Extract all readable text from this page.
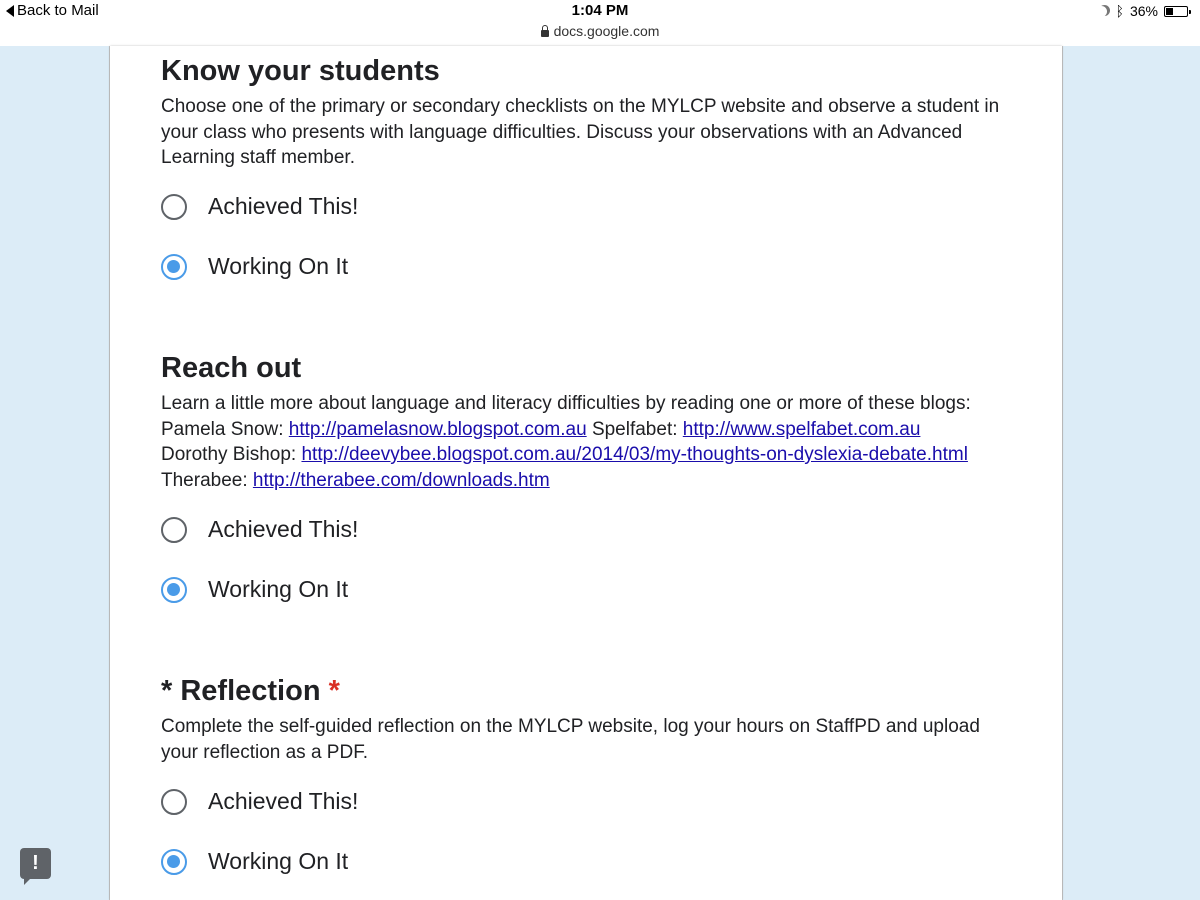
Back to Mail	1:04 PM
docs.google.com
ᛒ 36%
Know your students
Choose one of the primary or secondary checklists on the MYLCP website and observe a student in your class who presents with language difficulties. Discuss your observations with an Advanced Learning staff member.
Achieved This!
Working On It
Reach out
Learn a little more about language and literacy difficulties by reading one or more of these blogs:
Pamela Snow: http://pamelasnow.blogspot.com.au Spelfabet: http://www.spelfabet.com.au
Dorothy Bishop: http://deevybee.blogspot.com.au/2014/03/my-thoughts-on-dyslexia-debate.html
Therabee: http://therabee.com/downloads.htm
Achieved This!
Working On It
* Reflection *
Complete the self-guided reflection on the MYLCP website, log your hours on StaffPD and upload your reflection as a PDF.
Achieved This!
Working On It
!
